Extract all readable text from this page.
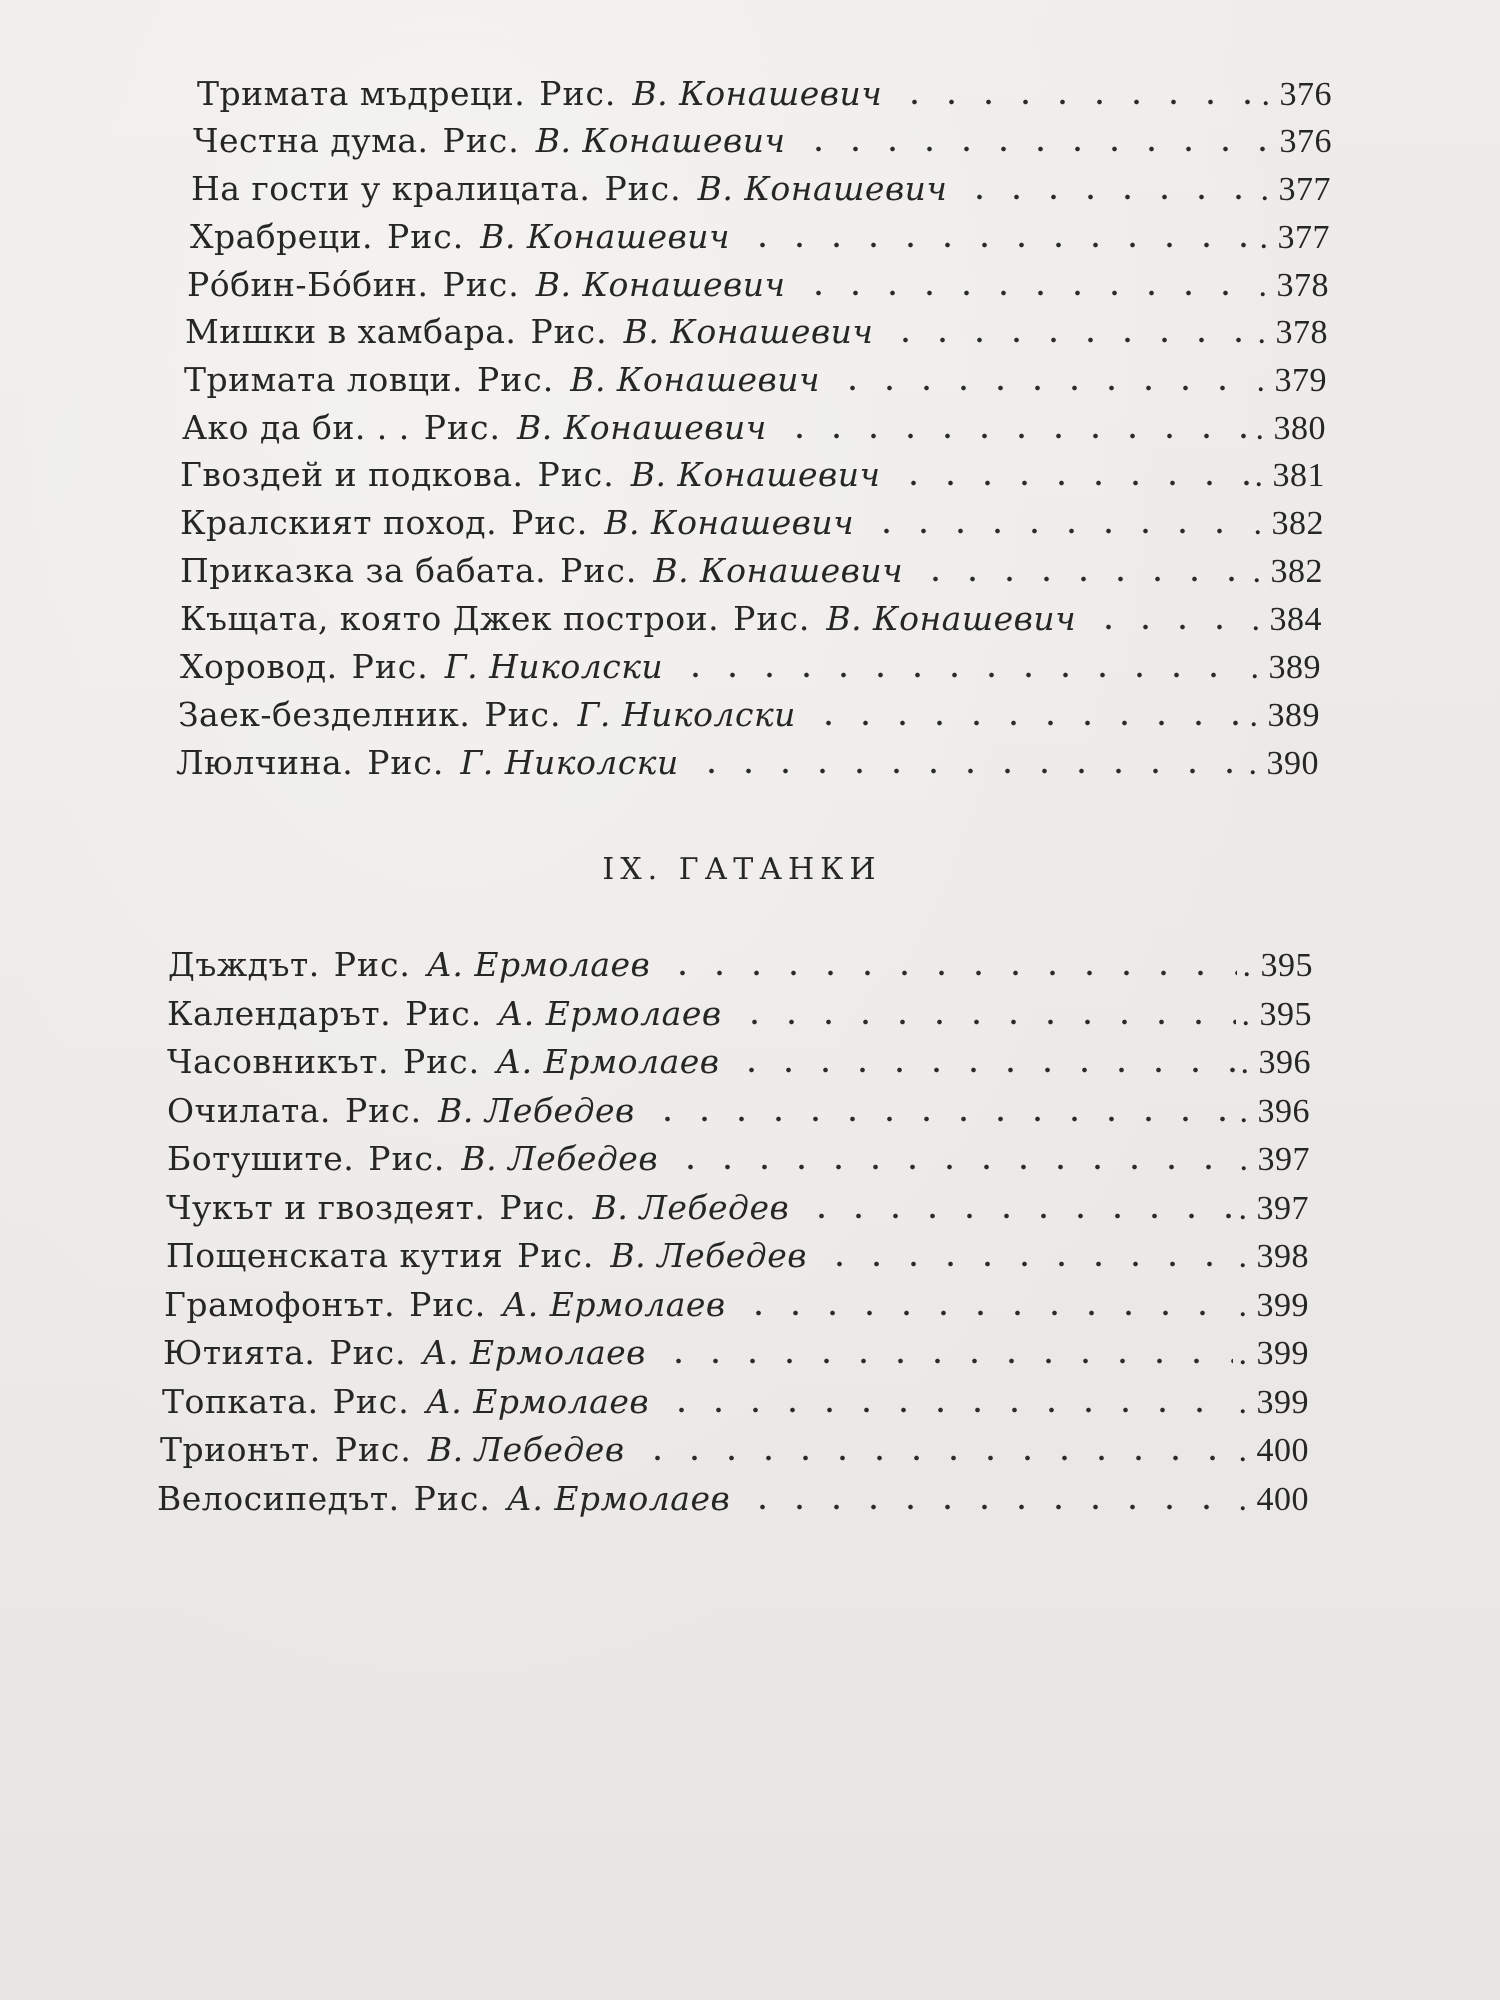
Тримата мъдреци. Рис. В. Конашевич	. 376
Честна дума. Рис. В. Конашевич	376
На гости у кралицата. Рис. В. Конашевич	. 377
Храбреци. Рис. В. Конашевич	. 377
Ро́бин-Бо́бин. Рис. В. Конашевич	. 378
Мишки в хамбара. Рис. В. Конашевич	. 378
Тримата ловци. Рис. В. Конашевич	. 379
Ако да би. . . Рис. В. Конашевич	. 380
Гвоздей и подкова. Рис. В. Конашевич	. 381
Кралският поход. Рис. В. Конашевич	. 382
Приказка за бабата. Рис. В. Конашевич	. 382
Къщата, която Джек построи. Рис. В. Конашевич	. 384
Хоровод. Рис. Г. Николски	. 389
Заек-безделник. Рис. Г. Николски	. 389
Люлчина. Рис. Г. Николски	. 390
IX. ГАТАНКИ
Дъждът. Рис. А. Ермолаев	. 395
Календарът. Рис. А. Ермолаев	. 395
Часовникът. Рис. А. Ермолаев	. 396
Очилата. Рис. В. Лебедев	. 396
Ботушите. Рис. В. Лебедев	. 397
Чукът и гвоздеят. Рис. В. Лебедев	. 397
Пощенската кутия Рис. В. Лебедев	. 398
Грамофонът. Рис. А. Ермолаев	. 399
Ютията. Рис. А. Ермолаев	. 399
Топката. Рис. А. Ермолаев	. 399
Трионът. Рис. В. Лебедев	. 400
Велосипедът. Рис. А. Ермолаев	. 400
